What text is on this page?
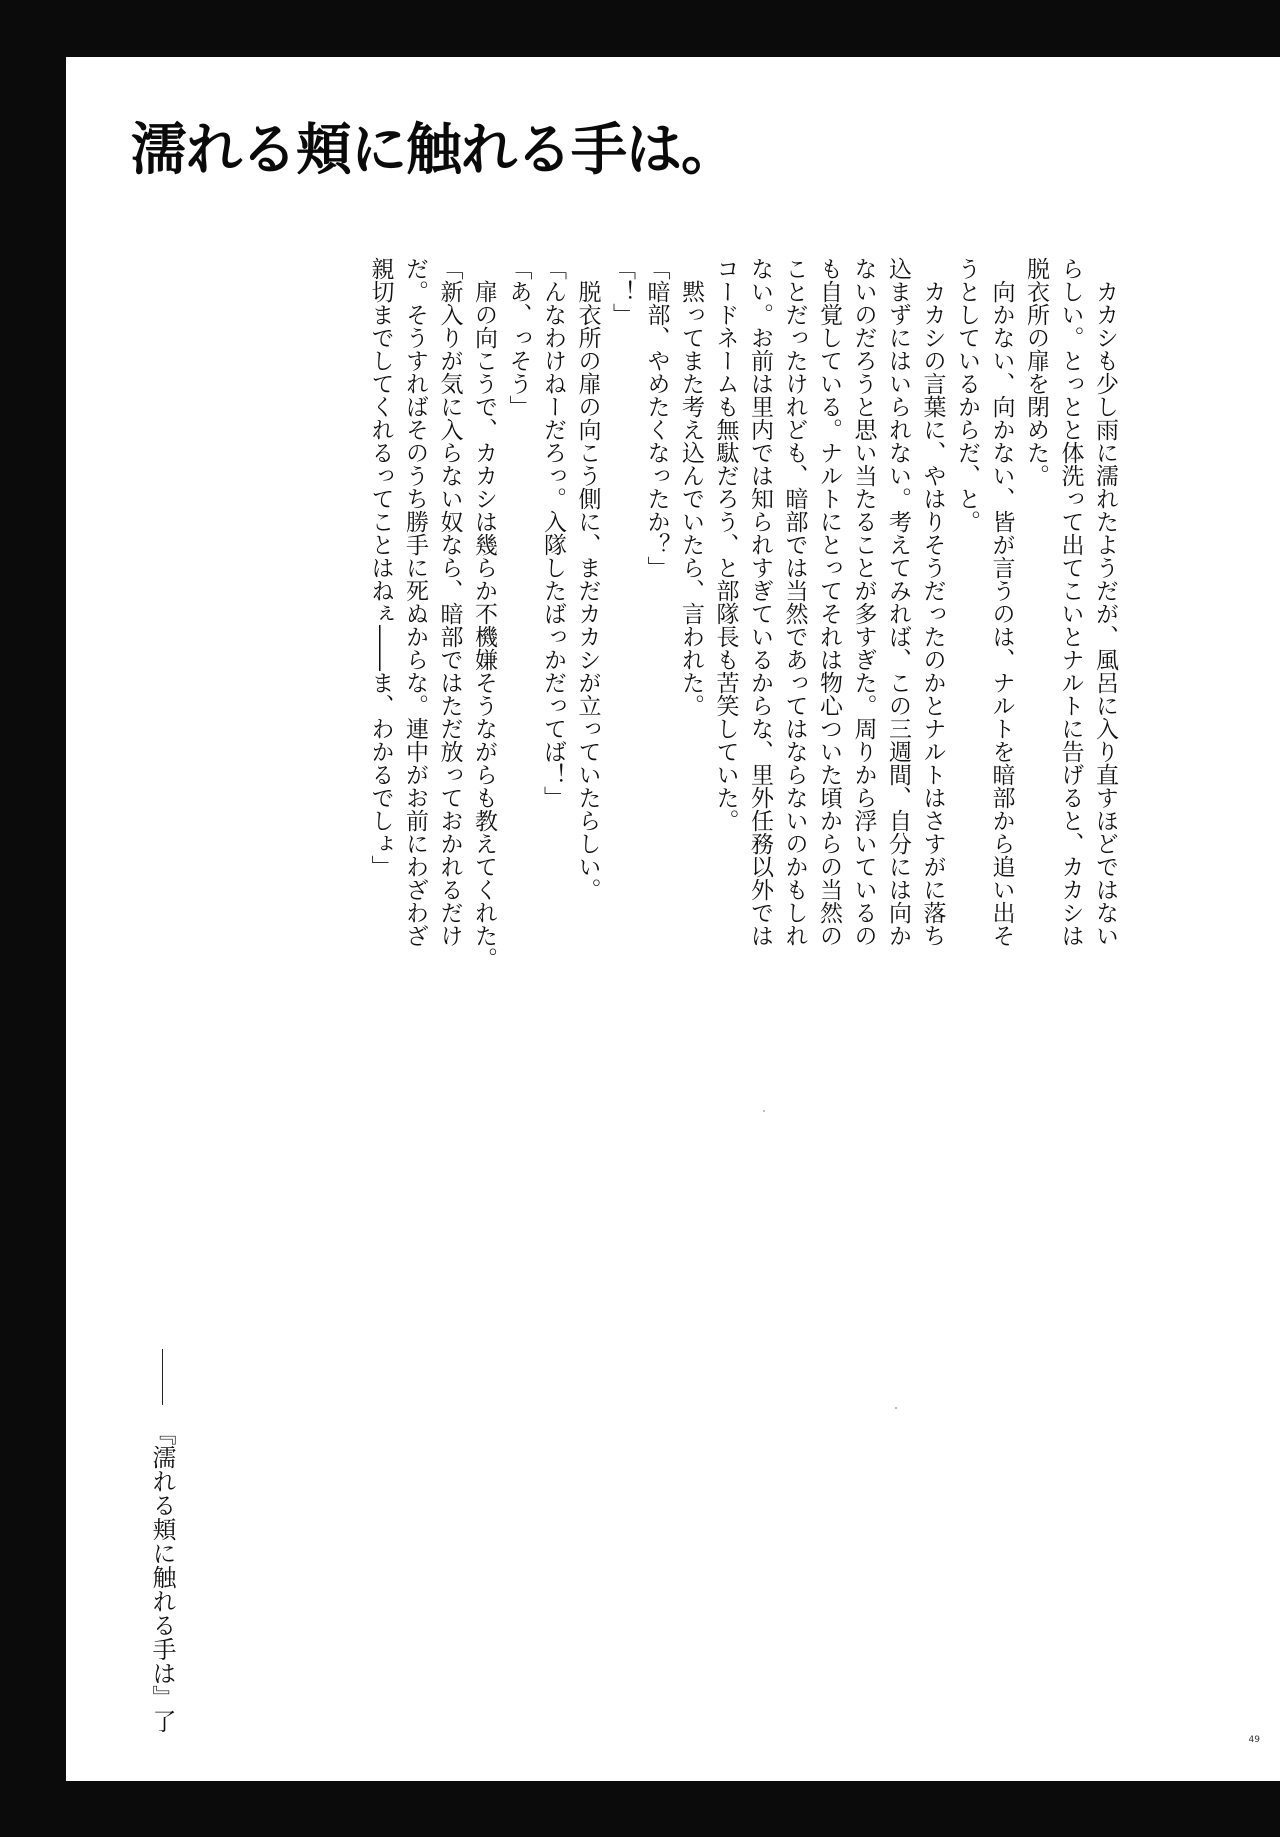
濡れる頬に触れる手は。
　カカシも少し雨に濡れたようだが、風呂に入り直すほどではない
らしい。とっとと体洗って出てこいとナルトに告げると、カカシは
脱衣所の扉を閉めた。
　向かない、向かない、皆が言うのは、ナルトを暗部から追い出そ
うとしているからだ、と。
　カカシの言葉に、やはりそうだったのかとナルトはさすがに落ち
込まずにはいられない。考えてみれば、この三週間、自分には向か
ないのだろうと思い当たることが多すぎた。周りから浮いているの
も自覚している。ナルトにとってそれは物心ついた頃からの当然の
ことだったけれども、暗部では当然であってはならないのかもしれ
ない。お前は里内では知られすぎているからな、里外任務以外では
コードネームも無駄だろう、と部隊長も苦笑していた。
　黙ってまた考え込んでいたら、言われた。
「暗部、やめたくなったか？」
「！」
　脱衣所の扉の向こう側に、まだカカシが立っていたらしい。
「んなわけねーだろっ。入隊したばっかだってば！」
「あ、っそう」
　扉の向こうで、カカシは幾らか不機嫌そうながらも教えてくれた。
「新入りが気に入らない奴なら、暗部ではただ放っておかれるだけ
だ。そうすればそのうち勝手に死ぬからな。連中がお前にわざわざ
親切までしてくれるってことはねぇ――ま、わかるでしょ」
『濡れる頬に触れる手は』了
49
